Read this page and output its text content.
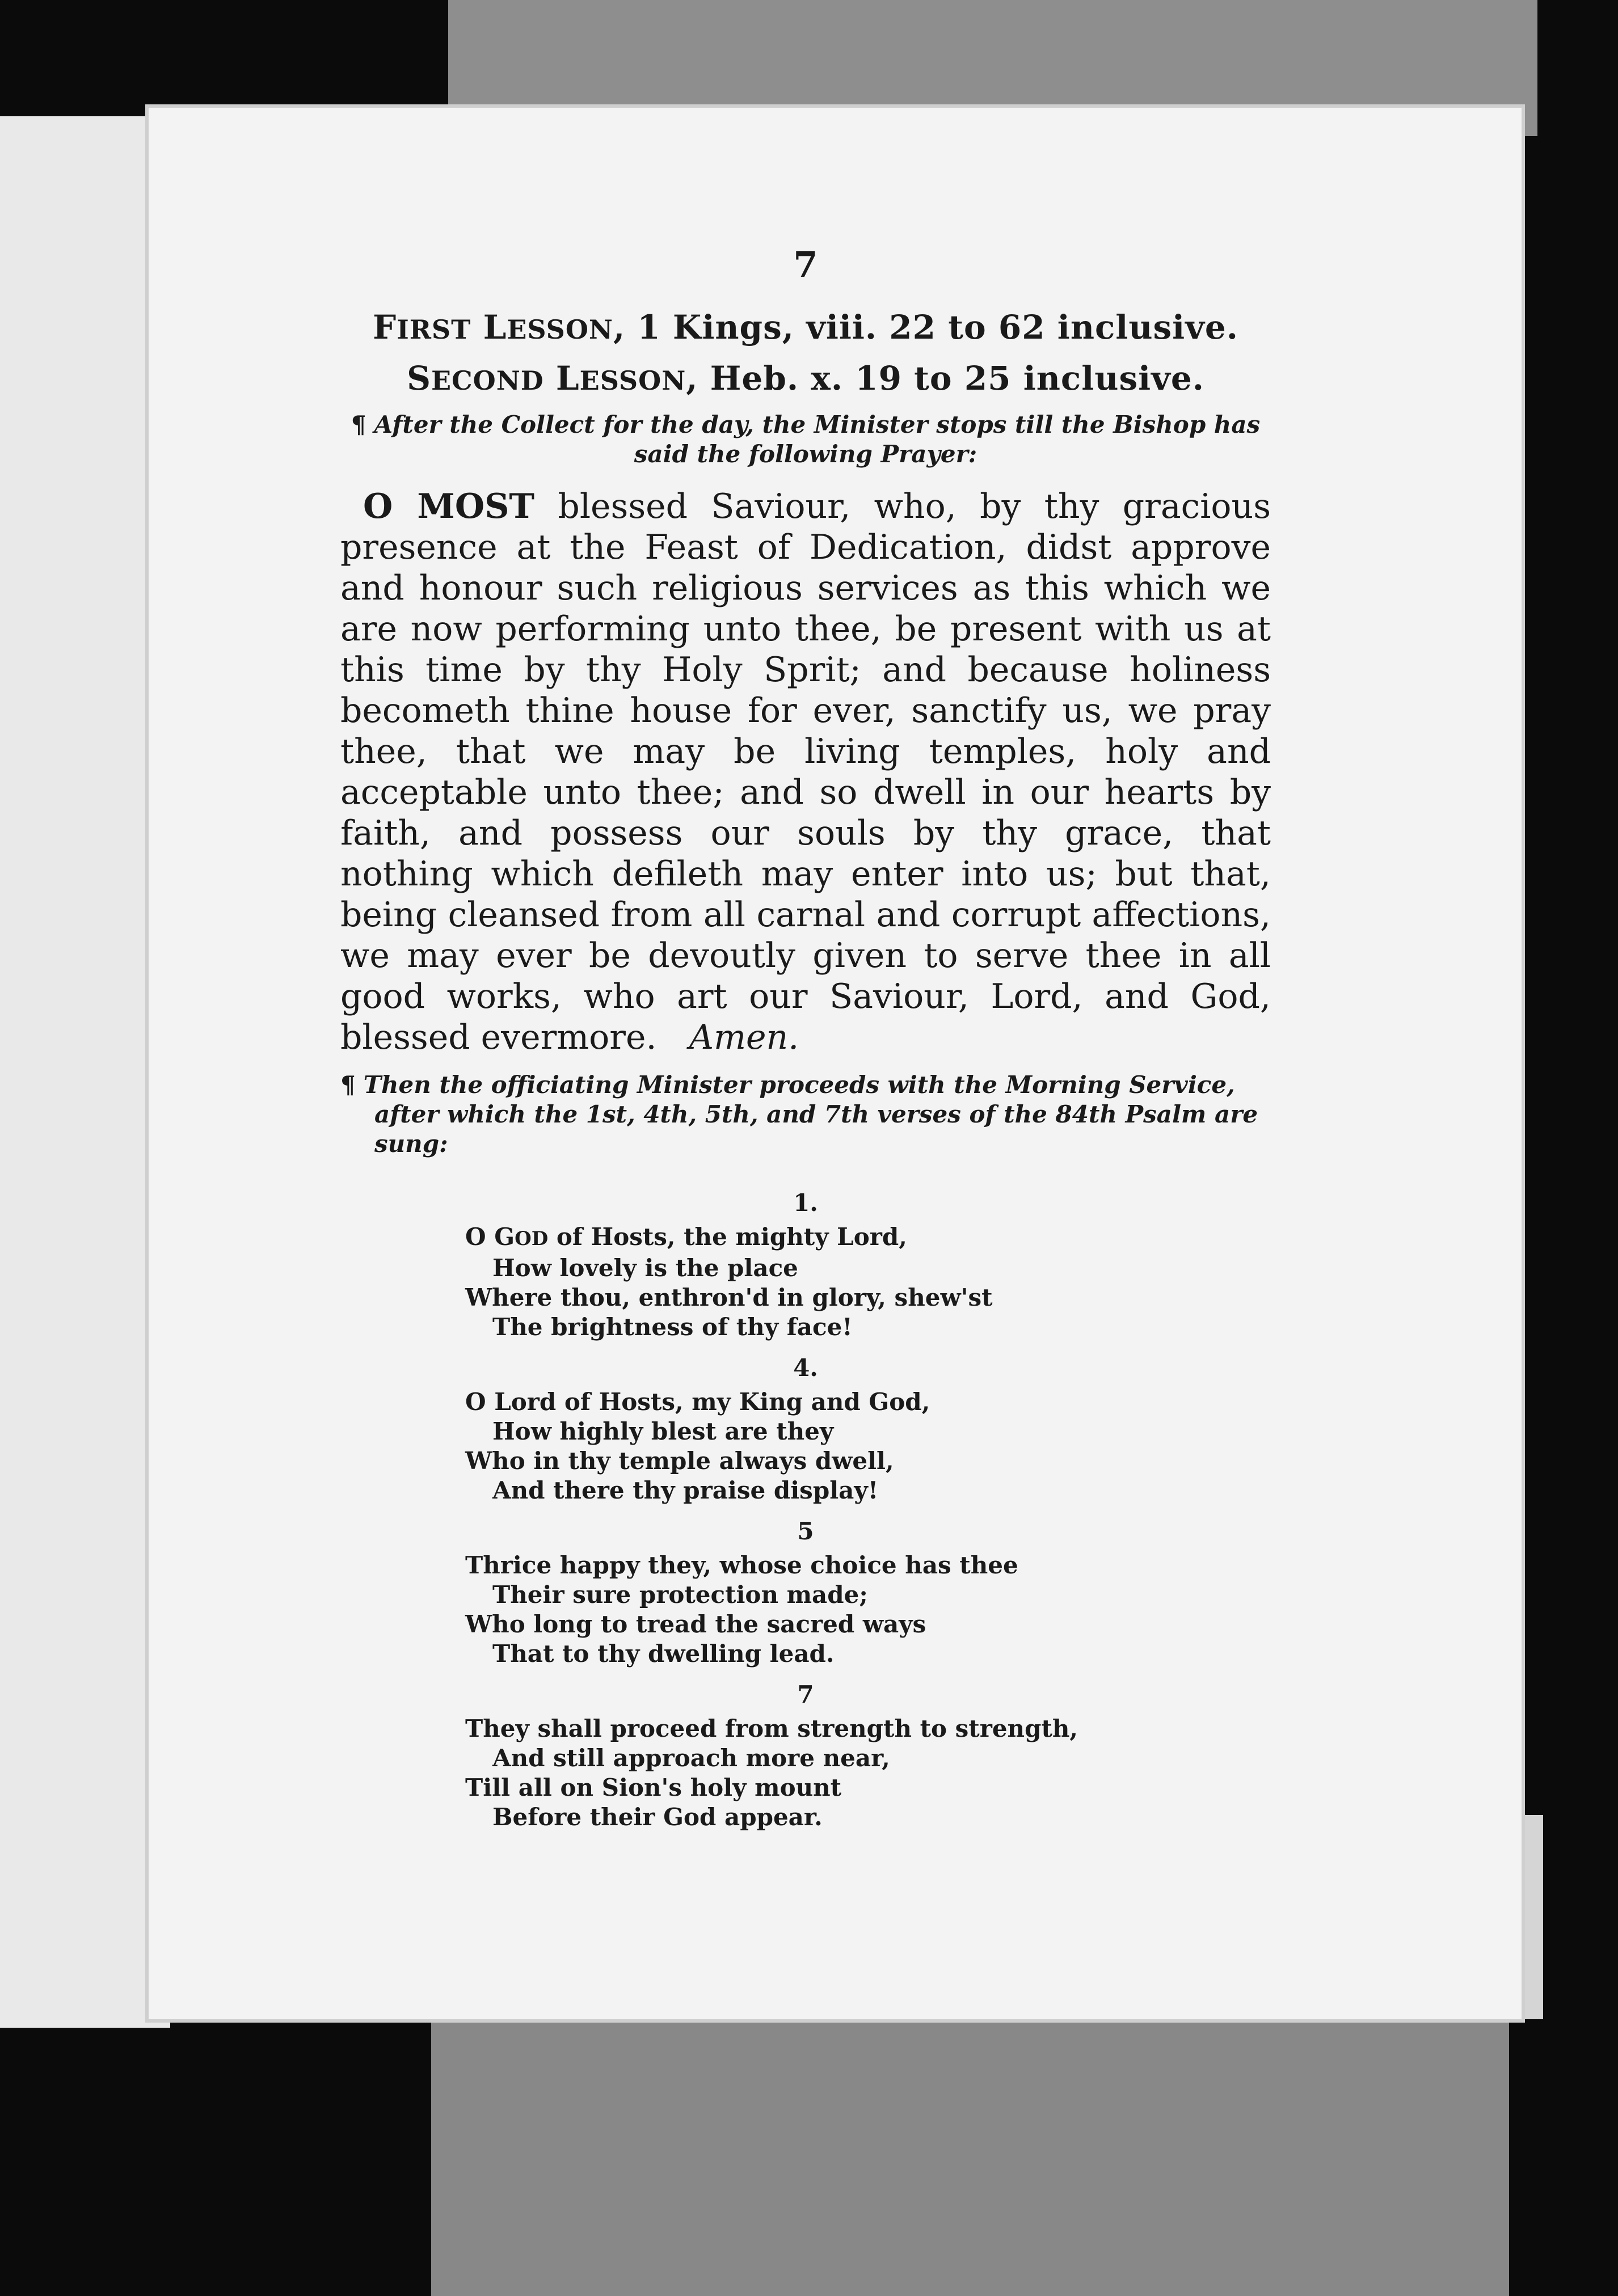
7
FIRST LESSON, 1 Kings, viii. 22 to 62 inclusive.
SECOND LESSON, Heb. x. 19 to 25 inclusive.
¶ After the Collect for the day, the Minister stops till the Bishop has
said the following Prayer:
O MOST blessed Saviour, who, by thy gracious presence at the Feast of Dedication, didst approve and honour such religious services as this which we are now performing unto thee, be present with us at this time by thy Holy Sprit; and because holiness becometh thine house for ever, sanctify us, we pray thee, that we may be living temples, holy and acceptable unto thee; and so dwell in our hearts by faith, and possess our souls by thy grace, that nothing which defileth may enter into us; but that, being cleansed from all carnal and corrupt affections, we may ever be devoutly given to serve thee in all good works, who art our Saviour, Lord, and God, blessed evermore. Amen.
¶ Then the officiating Minister proceeds with the Morning Service, after which the 1st, 4th, 5th, and 7th verses of the 84th Psalm are sung:
1.
O GOD of Hosts, the mighty Lord,
How lovely is the place
Where thou, enthron'd in glory, shew'st
The brightness of thy face!
4.
O Lord of Hosts, my King and God,
How highly blest are they
Who in thy temple always dwell,
And there thy praise display!
5
Thrice happy they, whose choice has thee
Their sure protection made;
Who long to tread the sacred ways
That to thy dwelling lead.
7
They shall proceed from strength to strength,
And still approach more near,
Till all on Sion's holy mount
Before their God appear.
